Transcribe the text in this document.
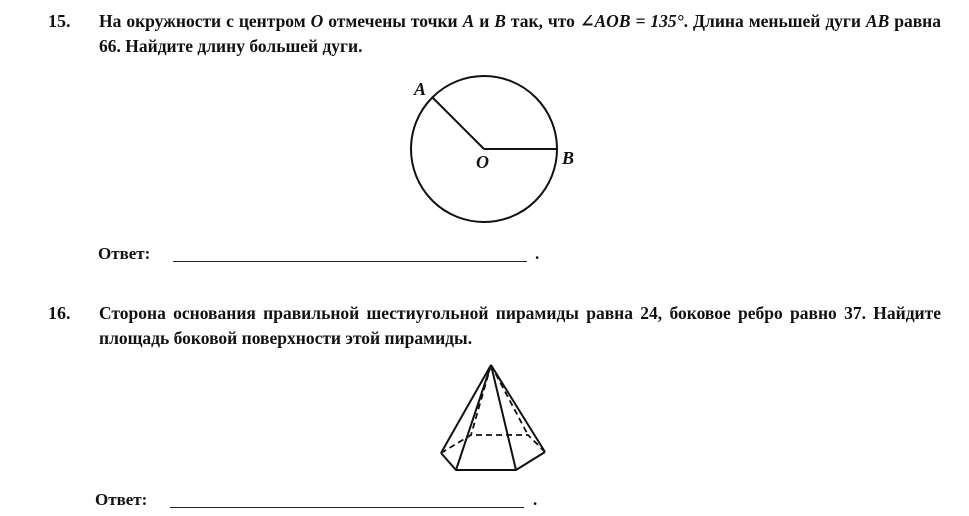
15. На окружности с центром O отмечены точки A и B так, что ∠AOB = 135°. Длина меньшей дуги AB равна 66. Найдите длину большей дуги.
A
O	B
Ответ:	.
16. Сторона основания правильной шестиугольной пирамиды равна 24, боковое ребро равно 37. Найдите площадь боковой поверхности этой пирамиды.
Ответ:	.
